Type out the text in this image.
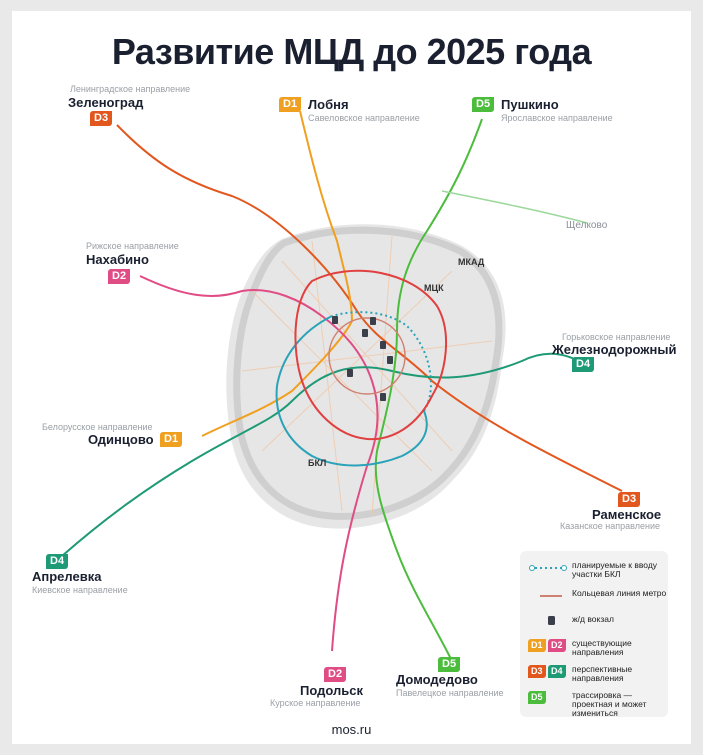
Развитие МЦД до 2025 года
Ленинградское направление
Зеленоград
D3
D1 Лобня
Савеловское направление
D5 Пушкино
Ярославское направление
Щелково
Рижское направление
Нахабино
D2
МКАД
МЦК
БКЛ
Горьковское направление
Железнодорожный
D4
Белорусское направление
Одинцово D1
D3
Раменское
Казанское направление
D4
Апрелевка
Киевское направление
D2
Подольск
Курское направление
D5
Домодедово
Павелецкое направление
планируемые к вводу участки БКЛ
Кольцевая линия метро
ж/д вокзал
D1 D2	существующие направления
D3 D4	перспективные направления
D5	трассировка — проектная и может измениться
mos.ru
